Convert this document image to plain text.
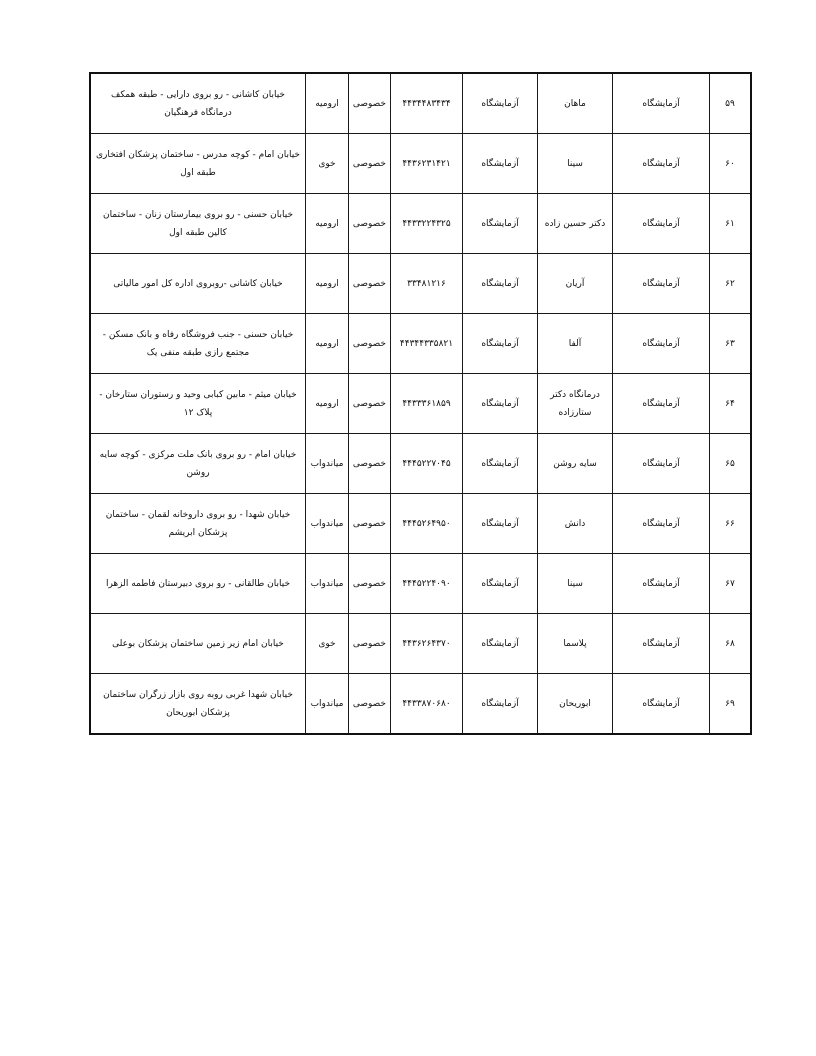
۵۹	آزمایشگاه	ماهان	آزمایشگاه	۴۴۳۴۴۸۳۴۳۴	خصوصی	ارومیه	خیابان کاشانی - رو بروی دارایی - طبقه همکف درمانگاه فرهنگیان
۶۰	آزمایشگاه	سینا	آزمایشگاه	۴۴۳۶۲۳۱۴۲۱	خصوصی	خوی	خیابان امام - کوچه مدرس - ساختمان پزشکان افتخاری طبقه اول
۶۱	آزمایشگاه	دکتر حسین زاده	آزمایشگاه	۴۴۳۳۲۲۴۳۲۵	خصوصی	ارومیه	خیابان حسنی - رو بروی بیمارستان زنان - ساختمان کالین طبقه اول
۶۲	آزمایشگاه	آریان	آزمایشگاه	۳۳۴۸۱۲۱۶	خصوصی	ارومیه	خیابان کاشانی -روبروی اداره کل امور مالیاتی
۶۳	آزمایشگاه	آلفا	آزمایشگاه	۴۴۳۴۴۳۳۵۸۲۱	خصوصی	ارومیه	خیابان حسنی - جنب فروشگاه رفاه و بانک مسکن - مجتمع رازی طبقه منفی یک
۶۴	آزمایشگاه	درمانگاه دکتر ستارزاده	آزمایشگاه	۴۴۳۳۳۶۱۸۵۹	خصوصی	ارومیه	خیابان میثم - مابین کبابی وحید و رستوران ستارخان - پلاک ۱۲
۶۵	آزمایشگاه	سایه روشن	آزمایشگاه	۴۴۴۵۲۲۷۰۴۵	خصوصی	میاندواب	خیابان امام - رو بروی بانک ملت مرکزی - کوچه سایه روشن
۶۶	آزمایشگاه	دانش	آزمایشگاه	۴۴۴۵۲۶۴۹۵۰	خصوصی	میاندواب	خیابان شهدا - رو بروی داروخانه لقمان - ساختمان پزشکان ابریشم
۶۷	آزمایشگاه	سینا	آزمایشگاه	۴۴۴۵۲۲۴۰۹۰	خصوصی	میاندواب	خیابان طالقانی - رو بروی دبیرستان فاطمه الزهرا
۶۸	آزمایشگاه	پلاسما	آزمایشگاه	۴۴۳۶۲۶۴۳۷۰	خصوصی	خوی	خیابان امام زیر زمین ساختمان پزشکان بوعلی
۶۹	آزمایشگاه	ابوریحان	آزمایشگاه	۴۴۳۳۸۷۰۶۸۰	خصوصی	میاندواب	خیابان شهدا غربی روبه روی بازار زرگران ساختمان پزشکان ابوریحان
